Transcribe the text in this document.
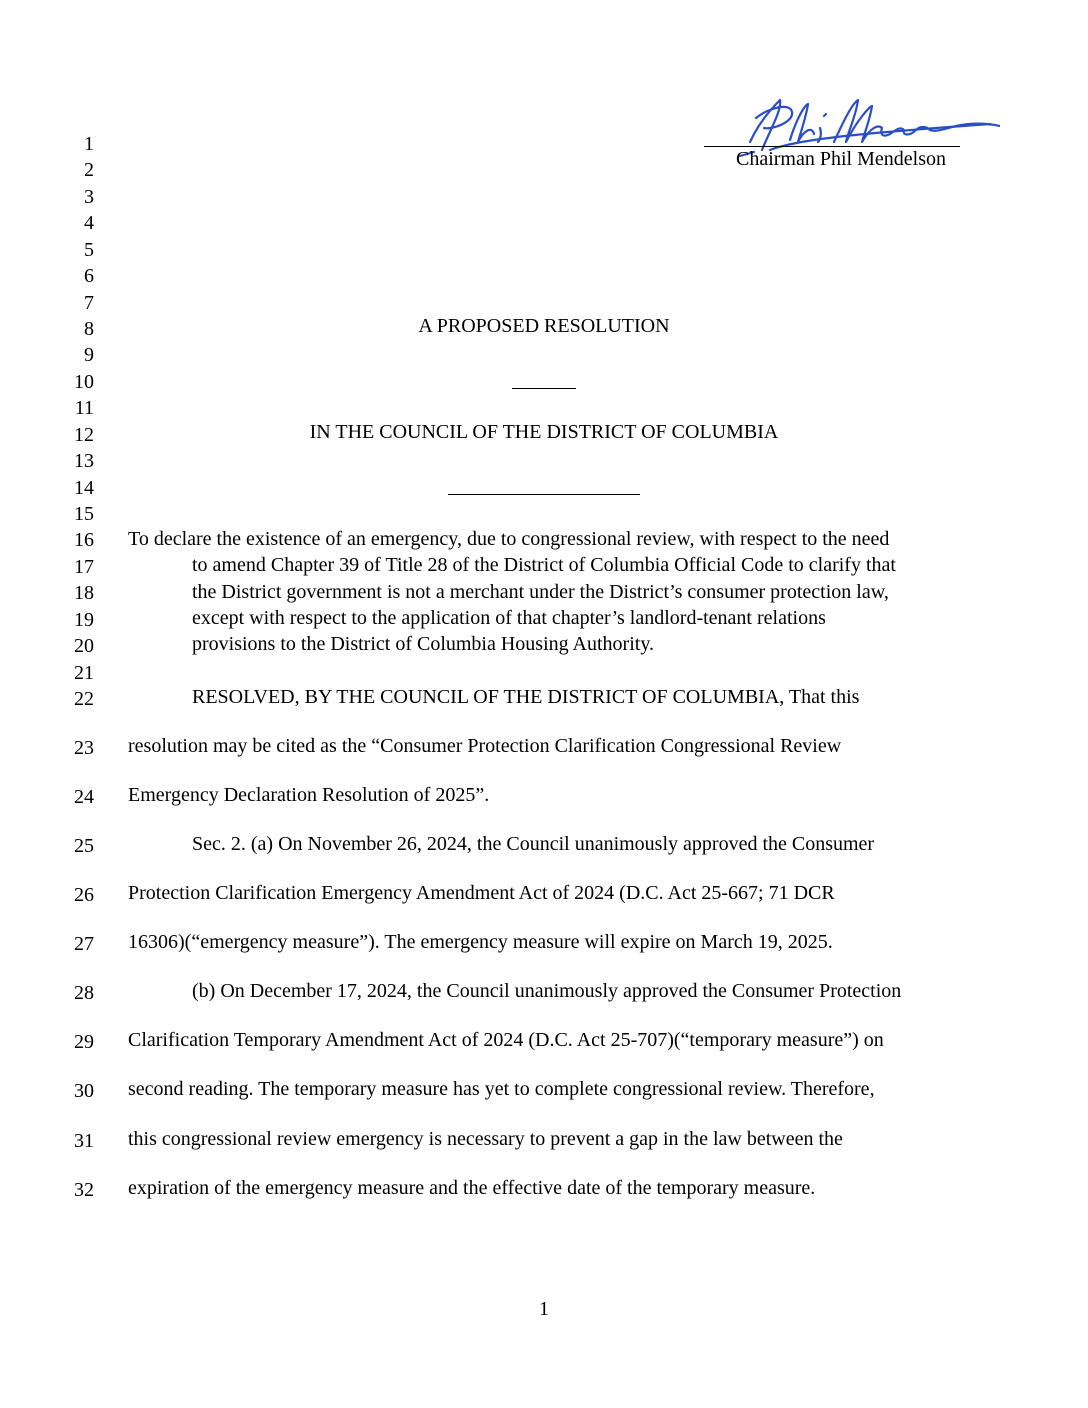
Chairman Phil Mendelson
1
2
3
4
5
6
7
8
9
10
11
12
13
14
15
16
17
18
19
20
21
22
23
24
25
26
27
28
29
30
31
32
A PROPOSED RESOLUTION
IN THE COUNCIL OF THE DISTRICT OF COLUMBIA
To declare the existence of an emergency, due to congressional review, with respect to the need
to amend Chapter 39 of Title 28 of the District of Columbia Official Code to clarify that
the District government is not a merchant under the District’s consumer protection law,
except with respect to the application of that chapter’s landlord-tenant relations
provisions to the District of Columbia Housing Authority.
RESOLVED, BY THE COUNCIL OF THE DISTRICT OF COLUMBIA, That this
resolution may be cited as the “Consumer Protection Clarification Congressional Review
Emergency Declaration Resolution of 2025”.
Sec. 2. (a) On November 26, 2024, the Council unanimously approved the Consumer
Protection Clarification Emergency Amendment Act of 2024 (D.C. Act 25-667; 71 DCR
16306)(“emergency measure”). The emergency measure will expire on March 19, 2025.
(b) On December 17, 2024, the Council unanimously approved the Consumer Protection
Clarification Temporary Amendment Act of 2024 (D.C. Act 25-707)(“temporary measure”) on
second reading. The temporary measure has yet to complete congressional review. Therefore,
this congressional review emergency is necessary to prevent a gap in the law between the
expiration of the emergency measure and the effective date of the temporary measure.
1
